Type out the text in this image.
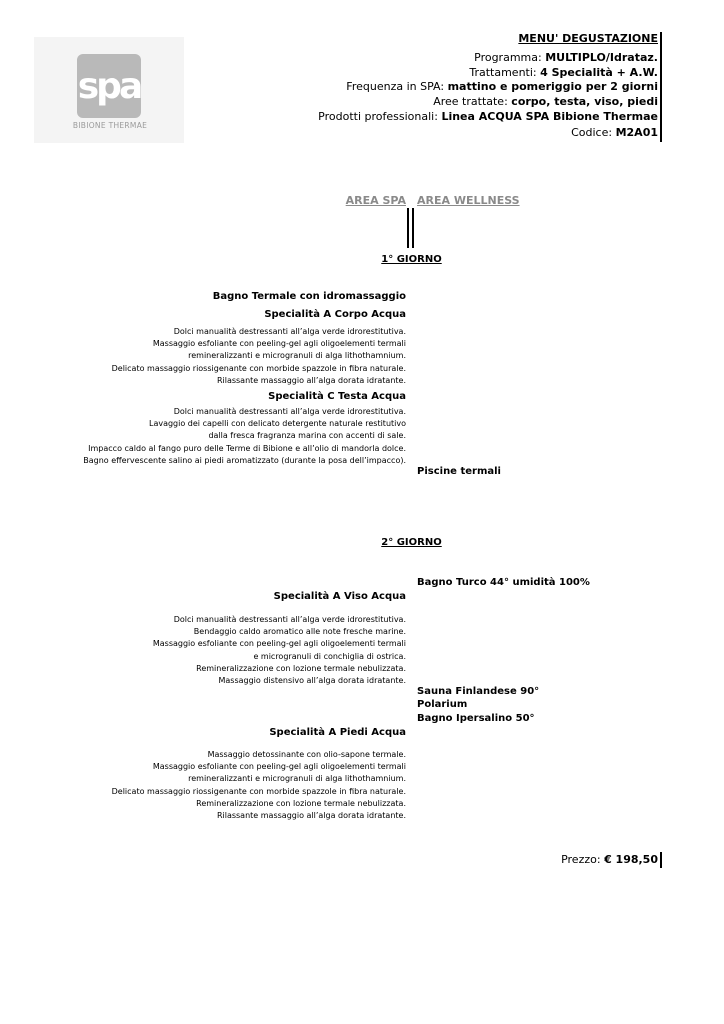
spa
BIBIONE THERMAE
MENU' DEGUSTAZIONE
Programma: MULTIPLO/Idrataz.
Trattamenti: 4 Specialità + A.W.
Frequenza in SPA: mattino e pomeriggio per 2 giorni
Aree trattate: corpo, testa, viso, piedi
Prodotti professionali: Linea ACQUA SPA Bibione Thermae
Codice: M2A01
AREA SPA AREA WELLNESS
1° GIORNO
Bagno Termale con idromassaggio
Specialità A Corpo Acqua
Dolci manualità destressanti all’alga verde idrorestitutiva.
Massaggio esfoliante con peeling-gel agli oligoelementi termali
remineralizzanti e microgranuli di alga lithothamnium.
Delicato massaggio riossigenante con morbide spazzole in fibra naturale.
Rilassante massaggio all’alga dorata idratante.
Specialità C Testa Acqua
Dolci manualità destressanti all’alga verde idrorestitutiva.
Lavaggio dei capelli con delicato detergente naturale restitutivo
dalla fresca fragranza marina con accenti di sale.
Impacco caldo al fango puro delle Terme di Bibione e all’olio di mandorla dolce.
Bagno effervescente salino ai piedi aromatizzato (durante la posa dell’impacco).
Piscine termali
2° GIORNO
Bagno Turco 44° umidità 100%
Specialità A Viso Acqua
Dolci manualità destressanti all’alga verde idrorestitutiva.
Bendaggio caldo aromatico alle note fresche marine.
Massaggio esfoliante con peeling-gel agli oligoelementi termali
e microgranuli di conchiglia di ostrica.
Remineralizzazione con lozione termale nebulizzata.
Massaggio distensivo all’alga dorata idratante.
Sauna Finlandese 90°
Polarium
Bagno Ipersalino 50°
Specialità A Piedi Acqua
Massaggio detossinante con olio-sapone termale.
Massaggio esfoliante con peeling-gel agli oligoelementi termali
remineralizzanti e microgranuli di alga lithothamnium.
Delicato massaggio riossigenante con morbide spazzole in fibra naturale.
Remineralizzazione con lozione termale nebulizzata.
Rilassante massaggio all’alga dorata idratante.
Prezzo: € 198,50
